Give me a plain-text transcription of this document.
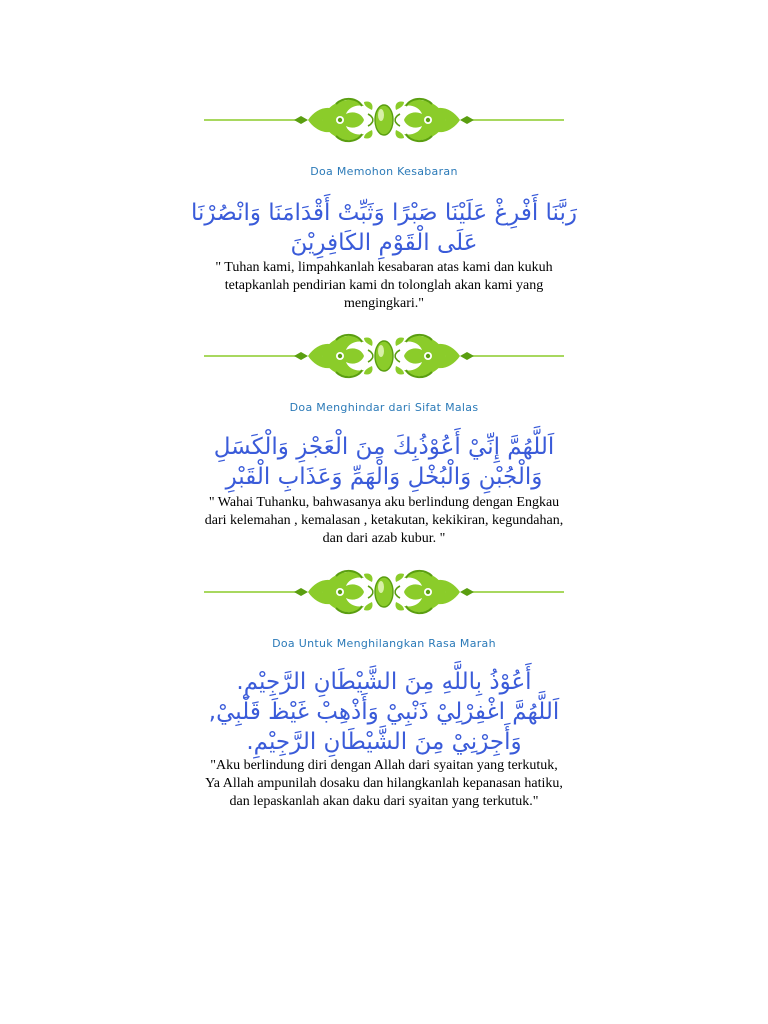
Doa Memohon Kesabaran
رَبَّنَا أَفْرِغْ عَلَيْنَا صَبْرًا وَثَبِّتْ أَقْدَامَنَا وَانْصُرْنَا
عَلَى الْقَوْمِ الكَافِرِيْنَ
" Tuhan kami, limpahkanlah kesabaran atas kami dan kukuh
tetapkanlah pendirian kami dn tolonglah akan kami yang
mengingkari."
Doa Menghindar dari Sifat Malas
اَللَّهُمَّ إِنِّيْ أَعُوْذُبِكَ مِنَ الْعَجْزِ وَالْكَسَلِ
وَالْجُبْنِ وَالْبُخْلِ وَالْهَمِّ وَعَذَابِ الْقَبْرِ
" Wahai Tuhanku, bahwasanya aku berlindung dengan Engkau
dari kelemahan , kemalasan , ketakutan, kekikiran, kegundahan,
dan dari azab kubur. "
Doa Untuk Menghilangkan Rasa Marah
أَعُوْذُ بِاللَّهِ مِنَ الشَّيْطَانِ الرَّجِيْمِ.
اَللَّهُمَّ اغْفِرْلِيْ ذَنْبِيْ وَأَذْهِبْ غَيْظَ قَلْبِيْ,
وَأَجِرْنِيْ مِنَ الشَّيْطَانِ الرَّجِيْمِ.
"Aku berlindung diri dengan Allah dari syaitan yang terkutuk,
Ya Allah ampunilah dosaku dan hilangkanlah kepanasan hatiku,
dan lepaskanlah akan daku dari syaitan yang terkutuk."
